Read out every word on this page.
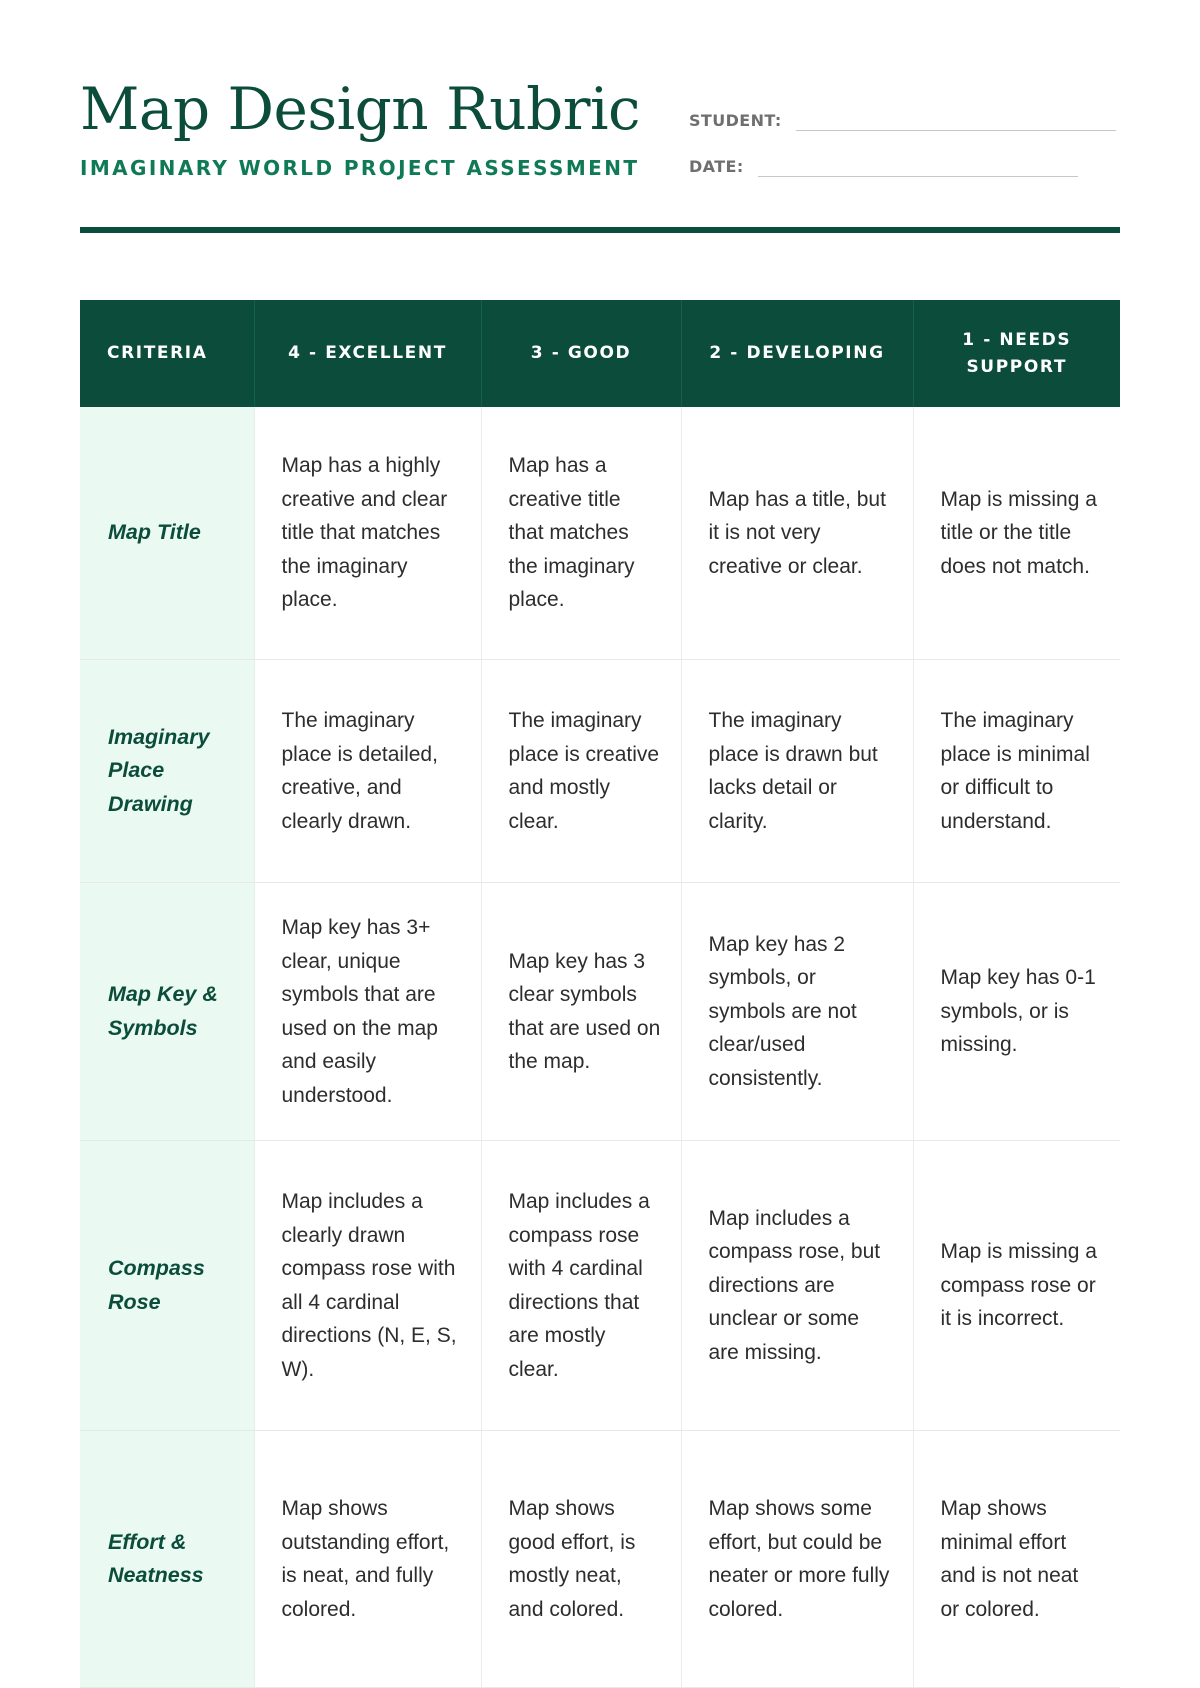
Map Design Rubric
IMAGINARY WORLD PROJECT ASSESSMENT
STUDENT:
DATE:
CRITERIA	4 - EXCELLENT	3 - GOOD	2 - DEVELOPING	1 - NEEDS SUPPORT
Map Title	Map has a highly creative and clear title that matches the imaginary place.	Map has a creative title that matches the imaginary place.	Map has a title, but it is not very creative or clear.	Map is missing a title or the title does not match.
Imaginary Place Drawing	The imaginary place is detailed, creative, and clearly drawn.	The imaginary place is creative and mostly clear.	The imaginary place is drawn but lacks detail or clarity.	The imaginary place is minimal or difficult to understand.
Map Key & Symbols	Map key has 3+ clear, unique symbols that are used on the map and easily understood.	Map key has 3 clear symbols that are used on the map.	Map key has 2 symbols, or symbols are not clear/used consistently.	Map key has 0-1 symbols, or is missing.
Compass Rose	Map includes a clearly drawn compass rose with all 4 cardinal directions (N, E, S, W).	Map includes a compass rose with 4 cardinal directions that are mostly clear.	Map includes a compass rose, but directions are unclear or some are missing.	Map is missing a compass rose or it is incorrect.
Effort & Neatness	Map shows outstanding effort, is neat, and fully colored.	Map shows good effort, is mostly neat, and colored.	Map shows some effort, but could be neater or more fully colored.	Map shows minimal effort and is not neat or colored.
